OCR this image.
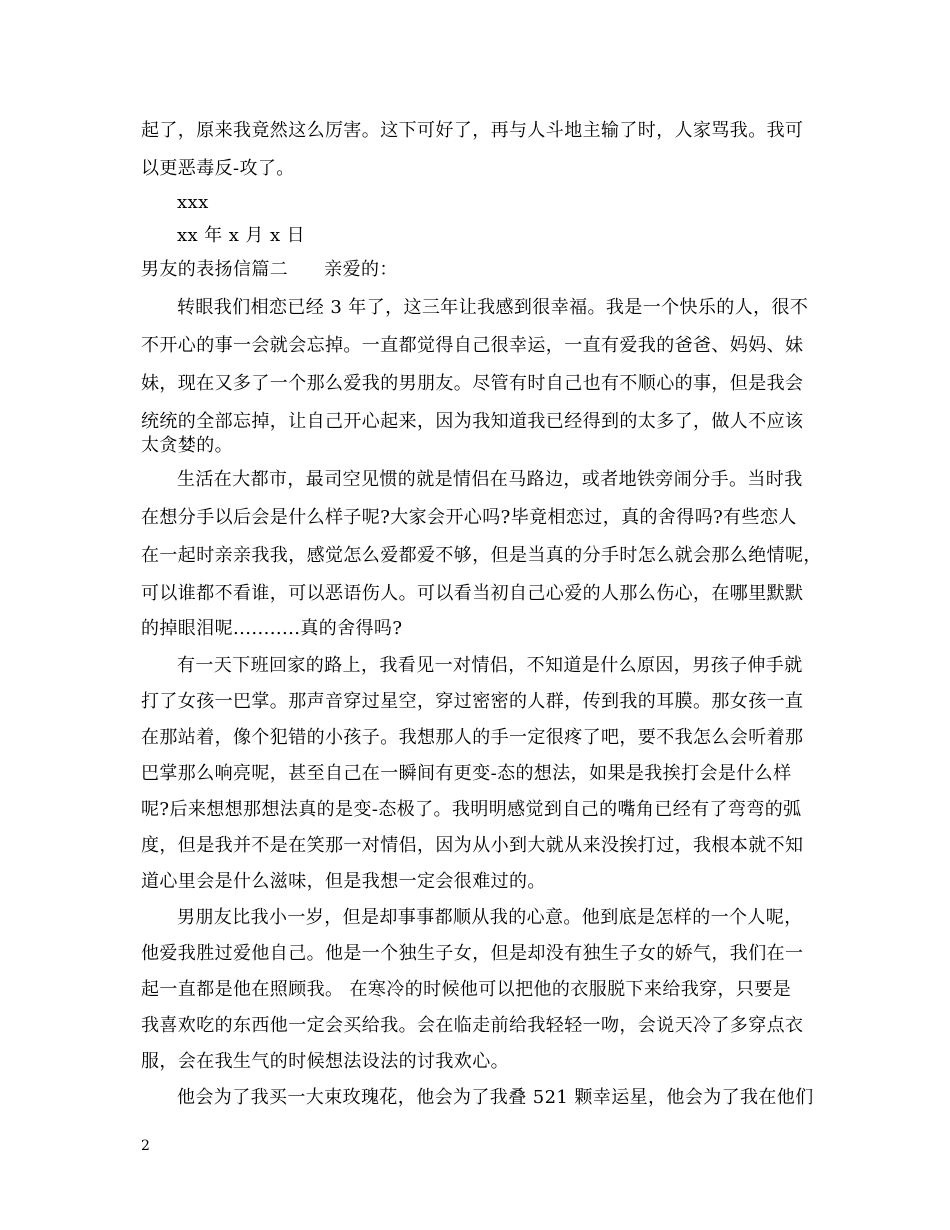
起了，原来我竟然这么厉害。这下可好了，再与人斗地主输了时，人家骂我。我可
以更恶毒反-攻了。
xxx
xx 年 x 月 x 日
男友的表扬信篇二 亲爱的：
转眼我们相恋已经 3 年了，这三年让我感到很幸福。我是一个快乐的人，很不
不开心的事一会就会忘掉。一直都觉得自己很幸运，一直有爱我的爸爸、妈妈、妹
妹，现在又多了一个那么爱我的男朋友。尽管有时自己也有不顺心的事，但是我会
统统的全部忘掉，让自己开心起来，因为我知道我已经得到的太多了，做人不应该
太贪婪的。
生活在大都市，最司空见惯的就是情侣在马路边，或者地铁旁闹分手。当时我
在想分手以后会是什么样子呢?大家会开心吗?毕竟相恋过，真的舍得吗?有些恋人
在一起时亲亲我我，感觉怎么爱都爱不够，但是当真的分手时怎么就会那么绝情呢，
可以谁都不看谁，可以恶语伤人。可以看当初自己心爱的人那么伤心，在哪里默默
的掉眼泪呢...........真的舍得吗?
有一天下班回家的路上，我看见一对情侣，不知道是什么原因，男孩子伸手就
打了女孩一巴掌。那声音穿过星空，穿过密密的人群，传到我的耳膜。那女孩一直
在那站着，像个犯错的小孩子。我想那人的手一定很疼了吧，要不我怎么会听着那
巴掌那么响亮呢，甚至自己在一瞬间有更变-态的想法，如果是我挨打会是什么样
呢?后来想想那想法真的是变-态极了。我明明感觉到自己的嘴角已经有了弯弯的弧
度，但是我并不是在笑那一对情侣，因为从小到大就从来没挨打过，我根本就不知
道心里会是什么滋味，但是我想一定会很难过的。
男朋友比我小一岁，但是却事事都顺从我的心意。他到底是怎样的一个人呢，
他爱我胜过爱他自己。他是一个独生子女，但是却没有独生子女的娇气，我们在一
起一直都是他在照顾我。 在寒冷的时候他可以把他的衣服脱下来给我穿，只要是
我喜欢吃的东西他一定会买给我。会在临走前给我轻轻一吻，会说天冷了多穿点衣
服，会在我生气的时候想法设法的讨我欢心。
他会为了我买一大束玫瑰花，他会为了我叠 521 颗幸运星，他会为了我在他们
2
